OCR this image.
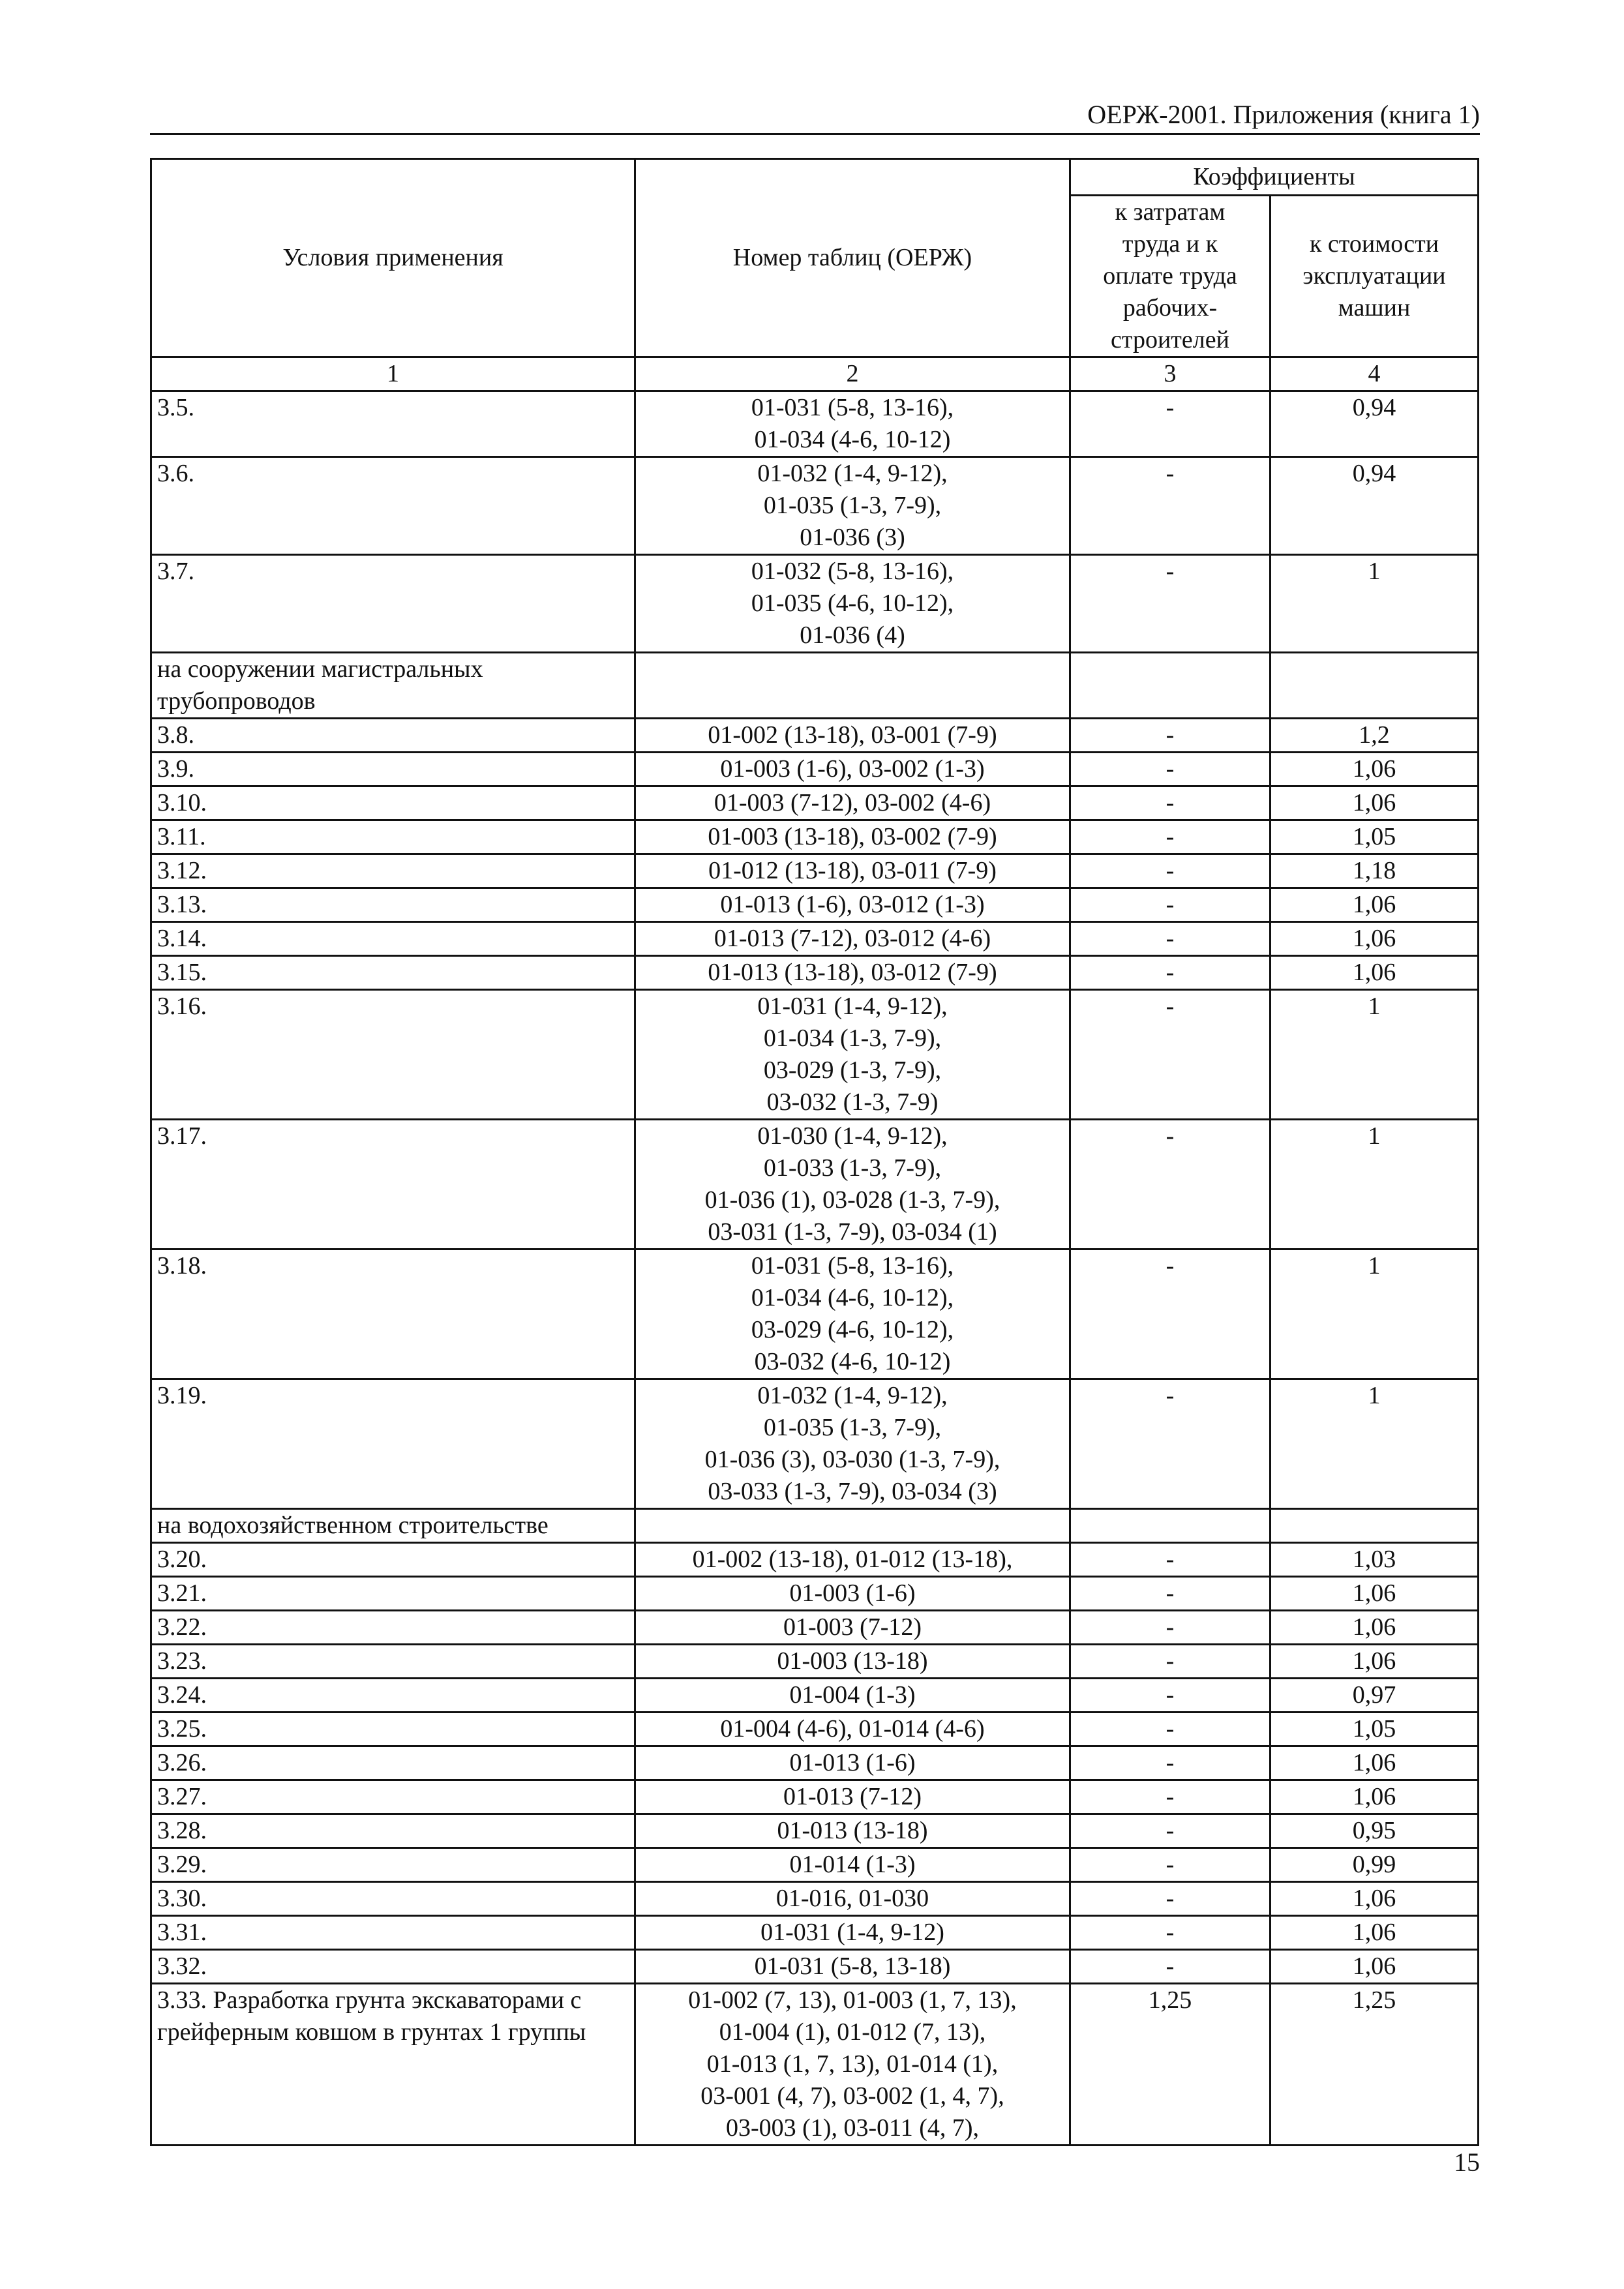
ОЕРЖ-2001. Приложения (книга 1)
Условия применения	Номер таблиц (ОЕРЖ)	Коэффициенты	

		к затратам
труда и к
оплате труда
рабочих-
строителей	к стоимости
эксплуатации
машин

1	2	3	4

3.5.	01-031 (5-8, 13-16),
01-034 (4-6, 10-12)	-	0,94

3.6.	01-032 (1-4, 9-12),
01-035 (1-3, 7-9),
01-036 (3)	-	0,94

3.7.	01-032 (5-8, 13-16),
01-035 (4-6, 10-12),
01-036 (4)	-	1

на сооружении магистральных
трубопроводов			

3.8.	01-002 (13-18), 03-001 (7-9)	-	1,2

3.9.	01-003 (1-6), 03-002 (1-3)	-	1,06

3.10.	01-003 (7-12), 03-002 (4-6)	-	1,06

3.11.	01-003 (13-18), 03-002 (7-9)	-	1,05

3.12.	01-012 (13-18), 03-011 (7-9)	-	1,18

3.13.	01-013 (1-6), 03-012 (1-3)	-	1,06

3.14.	01-013 (7-12), 03-012 (4-6)	-	1,06

3.15.	01-013 (13-18), 03-012 (7-9)	-	1,06

3.16.	01-031 (1-4, 9-12),
01-034 (1-3, 7-9),
03-029 (1-3, 7-9),
03-032 (1-3, 7-9)	-	1

3.17.	01-030 (1-4, 9-12),
01-033 (1-3, 7-9),
01-036 (1), 03-028 (1-3, 7-9),
03-031 (1-3, 7-9), 03-034 (1)	-	1

3.18.	01-031 (5-8, 13-16),
01-034 (4-6, 10-12),
03-029 (4-6, 10-12),
03-032 (4-6, 10-12)	-	1

3.19.	01-032 (1-4, 9-12),
01-035 (1-3, 7-9),
01-036 (3), 03-030 (1-3, 7-9),
03-033 (1-3, 7-9), 03-034 (3)	-	1

на водохозяйственном строительстве			

3.20.	01-002 (13-18), 01-012 (13-18),	-	1,03

3.21.	01-003 (1-6)	-	1,06

3.22.	01-003 (7-12)	-	1,06

3.23.	01-003 (13-18)	-	1,06

3.24.	01-004 (1-3)	-	0,97

3.25.	01-004 (4-6), 01-014 (4-6)	-	1,05

3.26.	01-013 (1-6)	-	1,06

3.27.	01-013 (7-12)	-	1,06

3.28.	01-013 (13-18)	-	0,95

3.29.	01-014 (1-3)	-	0,99

3.30.	01-016, 01-030	-	1,06

3.31.	01-031 (1-4, 9-12)	-	1,06

3.32.	01-031 (5-8, 13-18)	-	1,06

3.33. Разработка грунта экскаваторами с
грейферным ковшом в грунтах 1 группы	01-002 (7, 13), 01-003 (1, 7, 13),
01-004 (1), 01-012 (7, 13),
01-013 (1, 7, 13), 01-014 (1),
03-001 (4, 7), 03-002 (1, 4, 7),
03-003 (1), 03-011 (4, 7),	1,25	1,25
15
